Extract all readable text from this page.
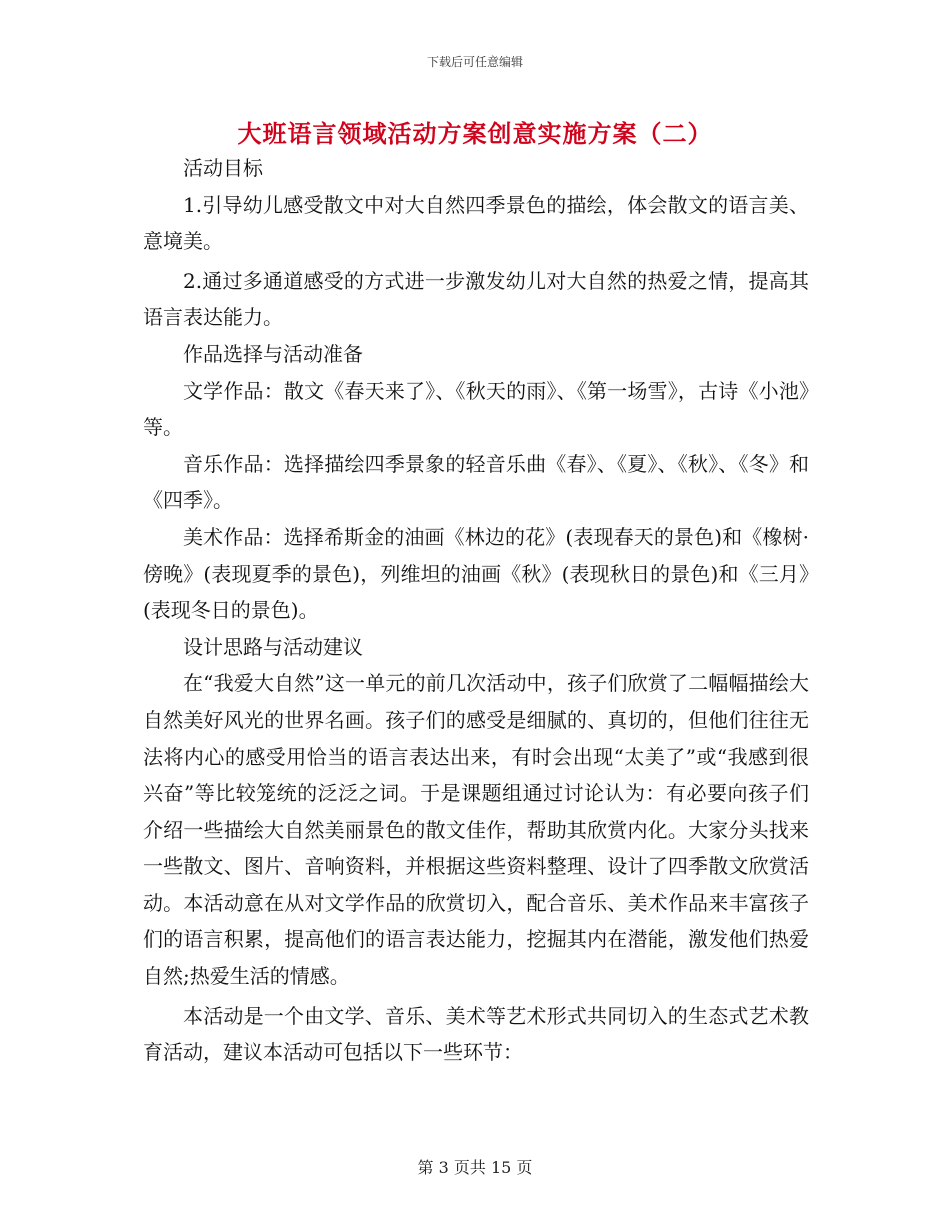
下载后可任意编辑
大班语言领域活动方案创意实施方案（二）

活动目标

1.引导幼儿感受散文中对大自然四季景色的描绘，体会散文的语言美、意境美。

2.通过多通道感受的方式进一步激发幼儿对大自然的热爱之情，提高其语言表达能力。

作品选择与活动准备

文学作品：散文《春天来了》、《秋天的雨》、《第一场雪》，古诗《小池》等。

音乐作品：选择描绘四季景象的轻音乐曲《春》、《夏》、《秋》、《冬》和《四季》。

美术作品：选择希斯金的油画《林边的花》(表现春天的景色)和《橡树·傍晚》(表现夏季的景色)，列维坦的油画《秋》(表现秋日的景色)和《三月》(表现冬日的景色)。

设计思路与活动建议

在“我爱大自然”这一单元的前几次活动中，孩子们欣赏了二幅幅描绘大自然美好风光的世界名画。孩子们的感受是细腻的、真切的，但他们往往无法将内心的感受用恰当的语言表达出来，有时会出现“太美了”或“我感到很兴奋”等比较笼统的泛泛之词。于是课题组通过讨论认为：有必要向孩子们介绍一些描绘大自然美丽景色的散文佳作，帮助其欣赏内化。大家分头找来一些散文、图片、音响资料，并根据这些资料整理、设计了四季散文欣赏活动。本活动意在从对文学作品的欣赏切入，配合音乐、美术作品来丰富孩子们的语言积累，提高他们的语言表达能力，挖掘其内在潜能，激发他们热爱自然;热爱生活的情感。

本活动是一个由文学、音乐、美术等艺术形式共同切入的生态式艺术教育活动，建议本活动可包括以下一些环节：

第 3 页共 15 页
